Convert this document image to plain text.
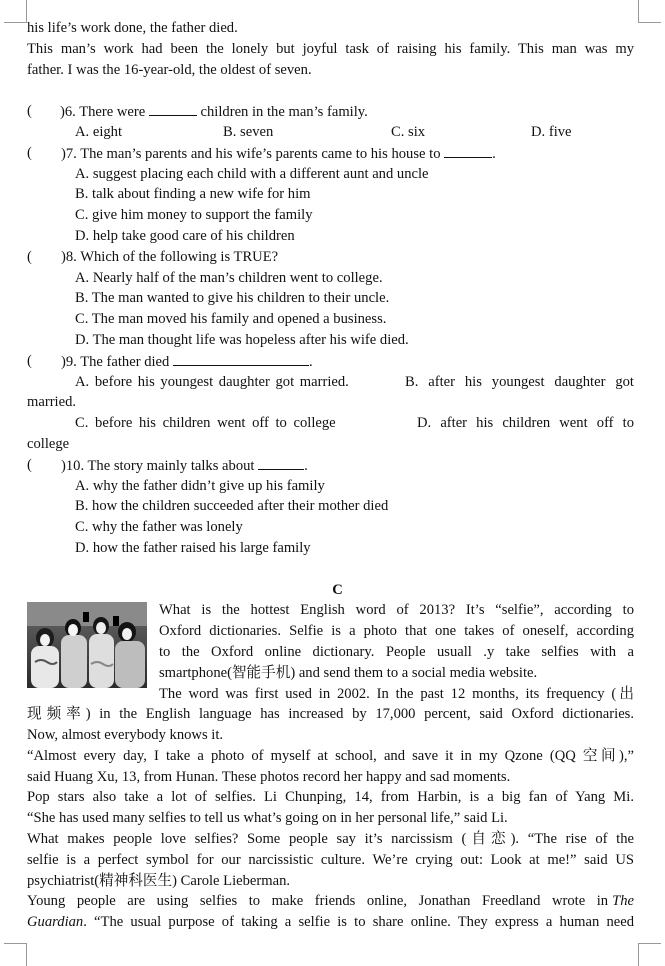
his life’s work done, the father died.
This man’s work had been the lonely but joyful task of raising his family. This man was my
father. I was the 16-year-old, the oldest of seven.
(	)6. There were	children in the man’s family.
A. eight	B. seven	C. six	D. five
(	)7. The man’s parents and his wife’s parents came to his house to	.
A. suggest placing each child with a different aunt and uncle
B. talk about finding a new wife for him
C. give him money to support the family
D. help take good care of his children
(	)8. Which of the following is TRUE?
A. Nearly half of the man’s children went to college.
B. The man wanted to give his children to their uncle.
C. The man moved his family and opened a business.
D. The man thought life was hopeless after his wife died.
(	)9. The father died	.
A. before his youngest daughter got married.	B. after his youngest daughter got
married.
C. before his children went off to college	D. after his children went off to
college
(	)10. The story mainly talks about	.
A. why the father didn’t give up his family
B. how the children succeeded after their mother died
C. why the father was lonely
D. how the father raised his large family
C
What is the hottest English word of 2013? It’s “selfie”, according to
Oxford dictionaries. Selfie is a photo that one takes of oneself, according
to the Oxford online dictionary. People usuall .y take selfies with a
smartphone(智能手机) and send them to a social media website.
The word was first used in 2002. In the past 12 months, its frequency (出
现频率) in the English language has increased by 17,000 percent, said Oxford dictionaries.
Now, almost everybody knows it.
“Almost every day, I take a photo of myself at school, and save it in my Qzone (QQ 空间),”
said Huang Xu, 13, from Hunan. These photos record her happy and sad moments.
Pop stars also take a lot of selfies. Li Chunping, 14, from Harbin, is a big fan of Yang Mi.
“She has used many selfies to tell us what’s going on in her personal life,” said Li.
What makes people love selfies? Some people say it’s narcissism (自恋). “The rise of the
selfie is a perfect symbol for our narcissistic culture. We’re crying out: Look at me!” said US
psychiatrist(精神科医生) Carole Lieberman.
Young people are using selfies to make friends online, Jonathan Freedland wrote in The
Guardian . “The usual purpose of taking a selfie is to share online. They express a human need
